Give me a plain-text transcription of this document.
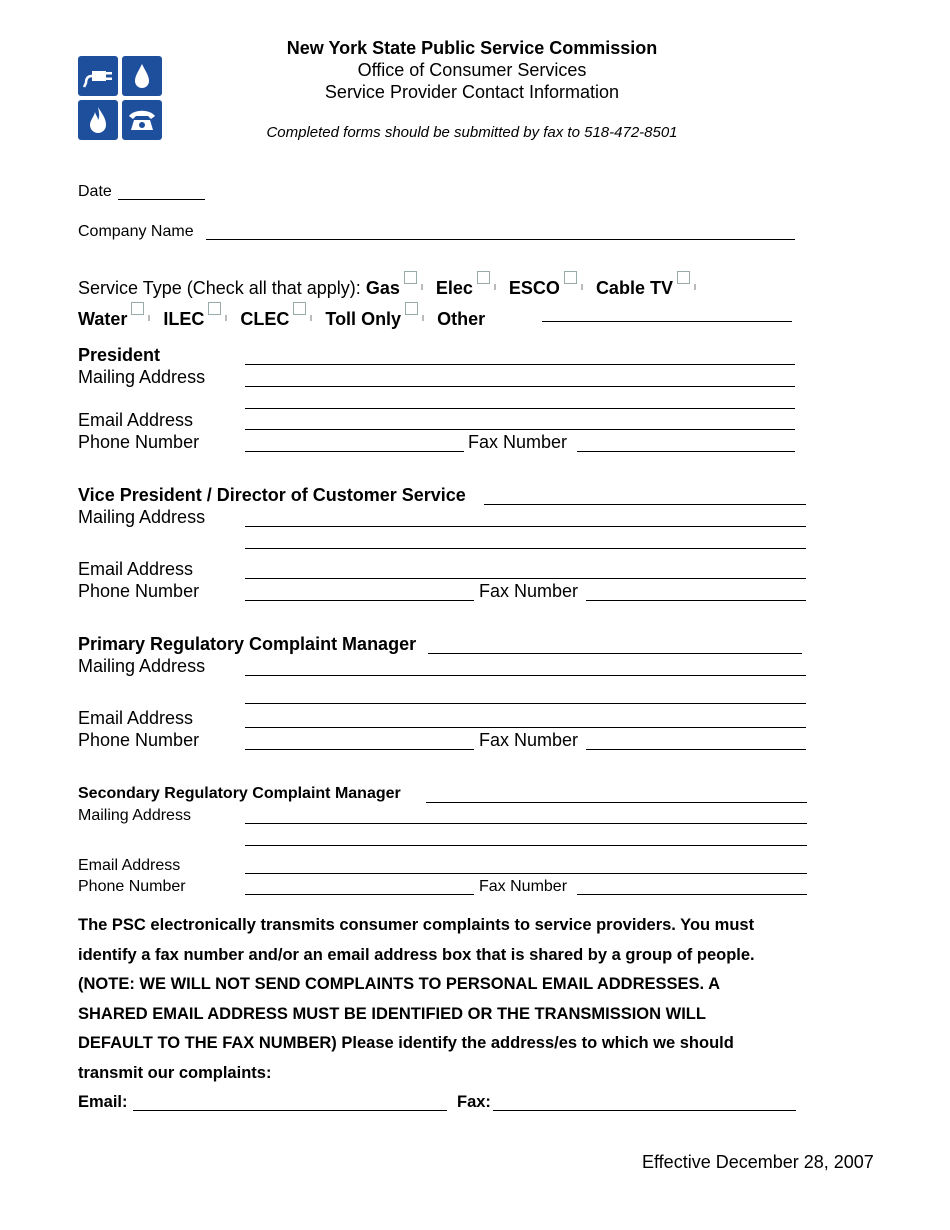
New York State Public Service Commission
Office of Consumer Services
Service Provider Contact Information
Completed forms should be submitted by fax to 518-472-8501
Date
Company Name
Service Type (Check all that apply): Gas Elec ESCO Cable TV
Water ILEC CLEC Toll Only Other
President
Mailing Address
Email Address
Phone Number	Fax Number
Vice President / Director of Customer Service
Mailing Address
Email Address
Phone Number	Fax Number
Primary Regulatory Complaint Manager
Mailing Address
Email Address
Phone Number	Fax Number
Secondary Regulatory Complaint Manager
Mailing Address
Email Address
Phone Number	Fax Number
The PSC electronically transmits consumer complaints to service providers. You must
identify a fax number and/or an email address box that is shared by a group of people.
(NOTE: WE WILL NOT SEND COMPLAINTS TO PERSONAL EMAIL ADDRESSES. A
SHARED EMAIL ADDRESS MUST BE IDENTIFIED OR THE TRANSMISSION WILL
DEFAULT TO THE FAX NUMBER) Please identify the address/es to which we should
transmit our complaints:
Email:	Fax:
Effective December 28, 2007
